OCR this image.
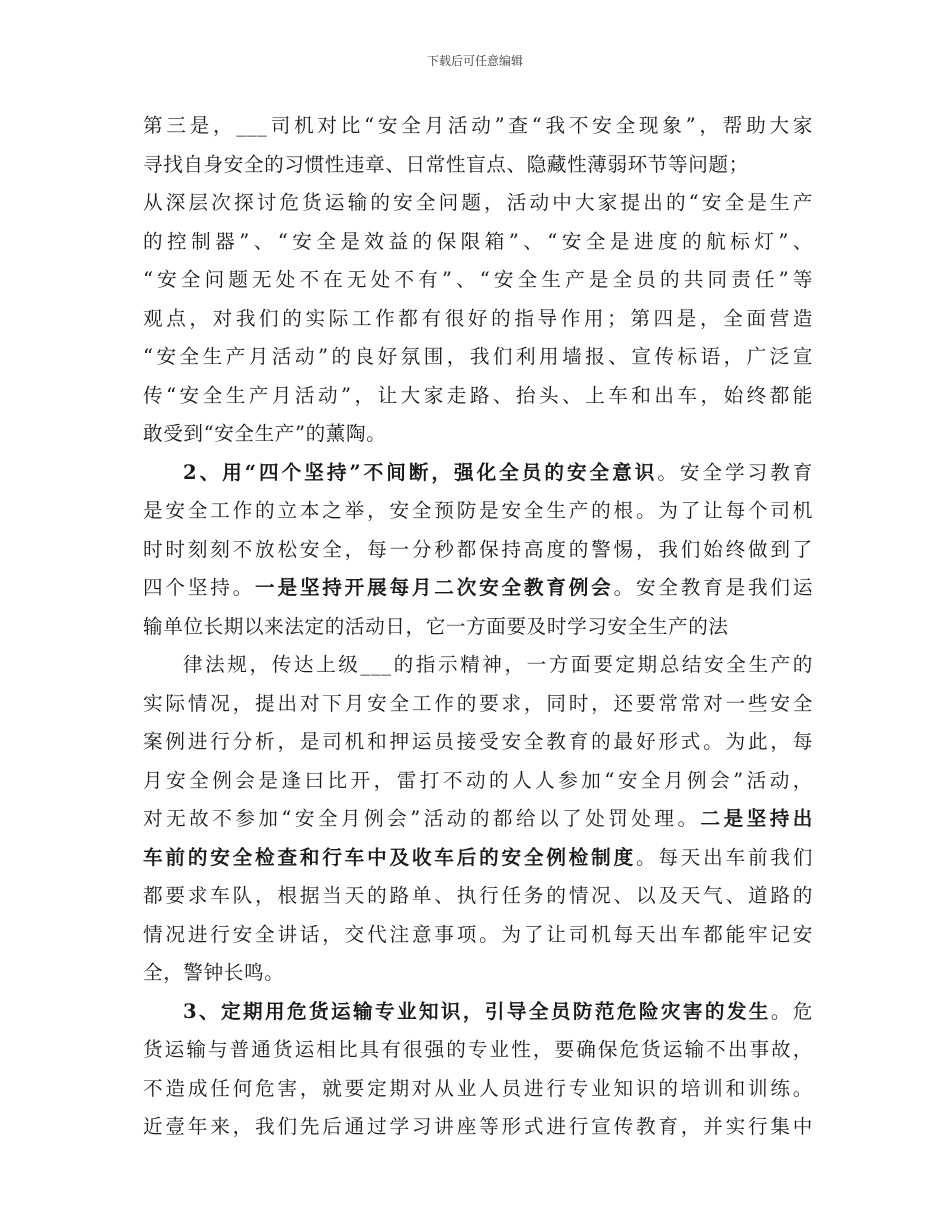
下载后可任意编辑
第三是，___司机对比“安全月活动”查“我不安全现象”，帮助大家
寻找自身安全的习惯性违章、日常性盲点、隐藏性薄弱环节等问题；
从深层次探讨危货运输的安全问题，活动中大家提出的“安全是生产
的控制器”、“安全是效益的保限箱”、“安全是进度的航标灯”、
“安全问题无处不在无处不有”、“安全生产是全员的共同责任”等
观点，对我们的实际工作都有很好的指导作用；第四是，全面营造
“安全生产月活动”的良好氛围，我们利用墙报、宣传标语，广泛宣
传“安全生产月活动”，让大家走路、抬头、上车和出车，始终都能
敢受到“安全生产”的薰陶。
2、用“四个坚持”不间断，强化全员的安全意识。安全学习教育
是安全工作的立本之举，安全预防是安全生产的根。为了让每个司机
时时刻刻不放松安全，每一分秒都保持高度的警惕，我们始终做到了
四个坚持。一是坚持开展每月二次安全教育例会。安全教育是我们运
输单位长期以来法定的活动日，它一方面要及时学习安全生产的法
律法规，传达上级___的指示精神，一方面要定期总结安全生产的
实际情况，提出对下月安全工作的要求，同时，还要常常对一些安全
案例进行分析，是司机和押运员接受安全教育的最好形式。为此，每
月安全例会是逢曰比开，雷打不动的人人参加“安全月例会”活动，
对无故不参加“安全月例会”活动的都给以了处罚处理。二是坚持出
车前的安全检查和行车中及收车后的安全例检制度。每天出车前我们
都要求车队，根据当天的路单、执行任务的情况、以及天气、道路的
情况进行安全讲话，交代注意事项。为了让司机每天出车都能牢记安
全，警钟长鸣。
3、定期用危货运输专业知识，引导全员防范危险灾害的发生。危
货运输与普通货运相比具有很强的专业性，要确保危货运输不出事故，
不造成任何危害，就要定期对从业人员进行专业知识的培训和训练。
近壹年来，我们先后通过学习讲座等形式进行宣传教育，并实行集中
